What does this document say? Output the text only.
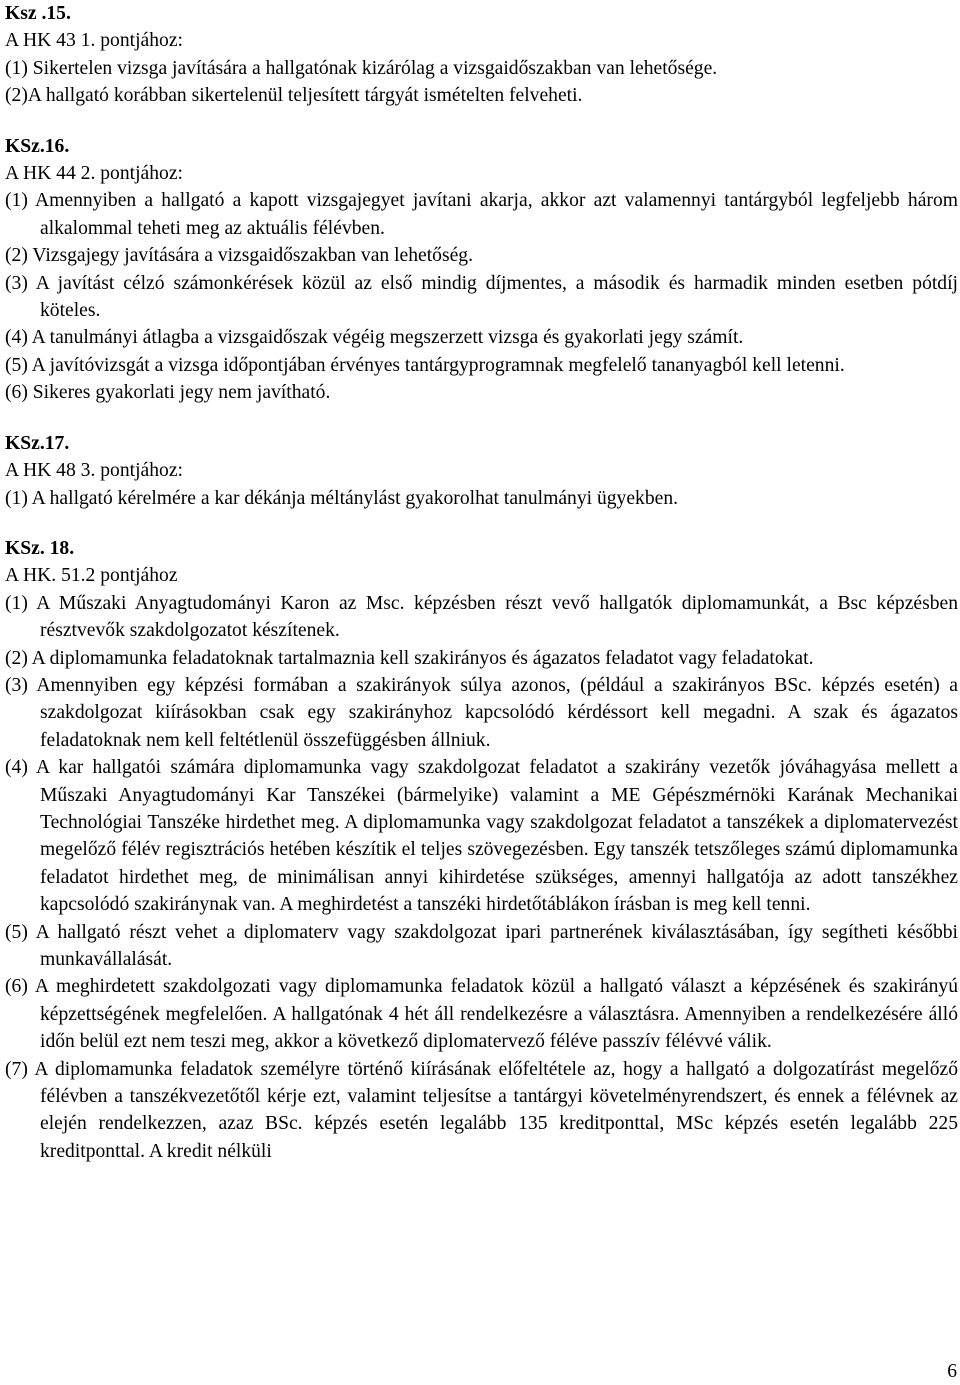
Ksz .15.

A HK 43 1. pontjához:

(1) Sikertelen vizsga javítására a hallgatónak kizárólag a vizsgaidőszakban van lehetősége.

(2)A hallgató korábban sikertelenül teljesített tárgyát ismételten felveheti.

KSz.16.

A HK 44 2. pontjához:

(1) Amennyiben a hallgató a kapott vizsgajegyet javítani akarja, akkor azt valamennyi tantárgyból legfeljebb három alkalommal teheti meg az aktuális félévben.

(2) Vizsgajegy javítására a vizsgaidőszakban van lehetőség.

(3) A javítást célzó számonkérések közül az első mindig díjmentes, a második és harmadik minden esetben pótdíj köteles.

(4) A tanulmányi átlagba a vizsgaidőszak végéig megszerzett vizsga és gyakorlati jegy számít.

(5) A javítóvizsgát a vizsga időpontjában érvényes tantárgyprogramnak megfelelő tananyagból kell letenni.

(6) Sikeres gyakorlati jegy nem javítható.

KSz.17.

A HK 48 3. pontjához:

(1) A hallgató kérelmére a kar dékánja méltánylást gyakorolhat tanulmányi ügyekben.

KSz. 18.

A HK. 51.2 pontjához

(1) A Műszaki Anyagtudományi Karon az Msc. képzésben részt vevő hallgatók diplomamunkát, a Bsc képzésben résztvevők szakdolgozatot készítenek.

(2) A diplomamunka feladatoknak tartalmaznia kell szakirányos és ágazatos feladatot vagy feladatokat.

(3) Amennyiben egy képzési formában a szakirányok súlya azonos, (például a szakirányos BSc. képzés esetén) a szakdolgozat kiírásokban csak egy szakirányhoz kapcsolódó kérdéssort kell megadni. A szak és ágazatos feladatoknak nem kell feltétlenül összefüggésben állniuk.

(4) A kar hallgatói számára diplomamunka vagy szakdolgozat feladatot a szakirány vezetők jóváhagyása mellett a Műszaki Anyagtudományi Kar Tanszékei (bármelyike) valamint a ME Gépészmérnöki Karának Mechanikai Technológiai Tanszéke hirdethet meg. A diplomamunka vagy szakdolgozat feladatot a tanszékek a diplomatervezést megelőző félév regisztrációs hetében készítik el teljes szövegezésben. Egy tanszék tetszőleges számú diplomamunka feladatot hirdethet meg, de minimálisan annyi kihirdetése szükséges, amennyi hallgatója az adott tanszékhez kapcsolódó szakiránynak van. A meghirdetést a tanszéki hirdetőtáblákon írásban is meg kell tenni.

(5) A hallgató részt vehet a diplomaterv vagy szakdolgozat ipari partnerének kiválasztásában, így segítheti későbbi munkavállalását.

(6) A meghirdetett szakdolgozati vagy diplomamunka feladatok közül a hallgató választ a képzésének és szakirányú képzettségének megfelelően. A hallgatónak 4 hét áll rendelkezésre a választásra. Amennyiben a rendelkezésére álló időn belül ezt nem teszi meg, akkor a következő diplomatervező féléve passzív félévvé válik.

(7) A diplomamunka feladatok személyre történő kiírásának előfeltétele az, hogy a hallgató a dolgozatírást megelőző félévben a tanszékvezetőtől kérje ezt, valamint teljesítse a tantárgyi követelményrendszert, és ennek a félévnek az elején rendelkezzen, azaz BSc. képzés esetén legalább 135 kreditponttal, MSc képzés esetén legalább 225 kreditponttal. A kredit nélküli

6
